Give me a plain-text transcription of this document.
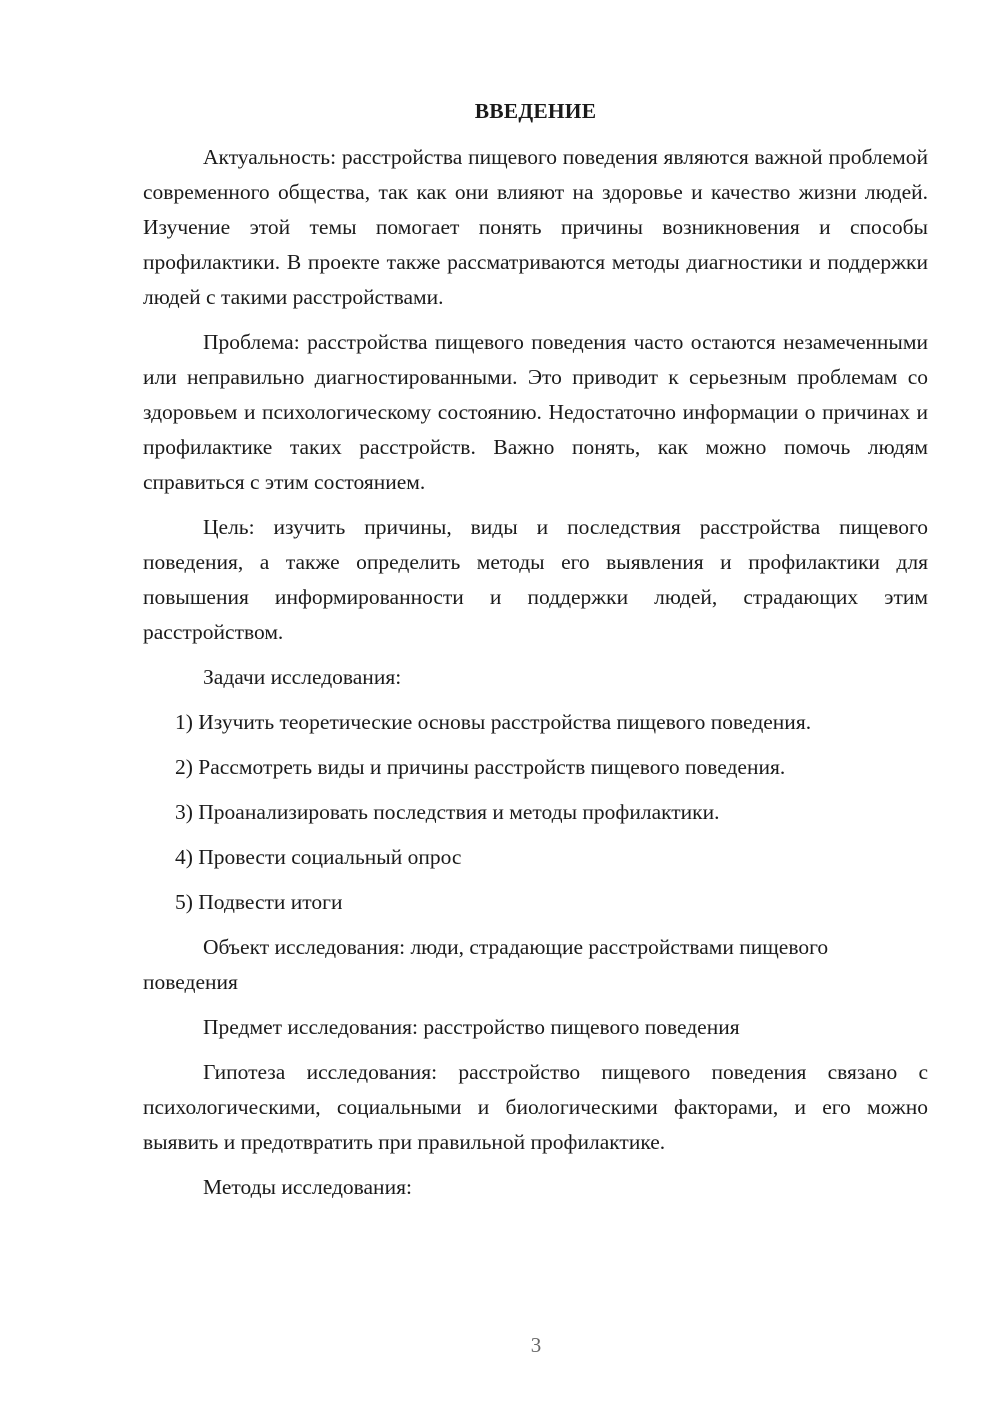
ВВЕДЕНИЕ

Актуальность: расстройства пищевого поведения являются важной проблемой современного общества, так как они влияют на здоровье и качество жизни людей. Изучение этой темы помогает понять причины возникновения и способы профилактики. В проекте также рассматриваются методы диагностики и поддержки людей с такими расстройствами.

Проблема: расстройства пищевого поведения часто остаются незамеченными или неправильно диагностированными. Это приводит к серьезным проблемам со здоровьем и психологическому состоянию. Недостаточно информации о причинах и профилактике таких расстройств. Важно понять, как можно помочь людям справиться с этим состоянием.

Цель: изучить причины, виды и последствия расстройства пищевого поведения, а также определить методы его выявления и профилактики для повышения информированности и поддержки людей, страдающих этим расстройством.

Задачи исследования:

1) Изучить теоретические основы расстройства пищевого поведения.
2) Рассмотреть виды и причины расстройств пищевого поведения.
3) Проанализировать последствия и методы профилактики.
4) Провести социальный опрос
5) Подвести итоги

Объект исследования: люди, страдающие расстройствами пищевого поведения

Предмет исследования: расстройство пищевого поведения

Гипотеза исследования: расстройство пищевого поведения связано с психологическими, социальными и биологическими факторами, и его можно выявить и предотвратить при правильной профилактике.

Методы исследования:

3
